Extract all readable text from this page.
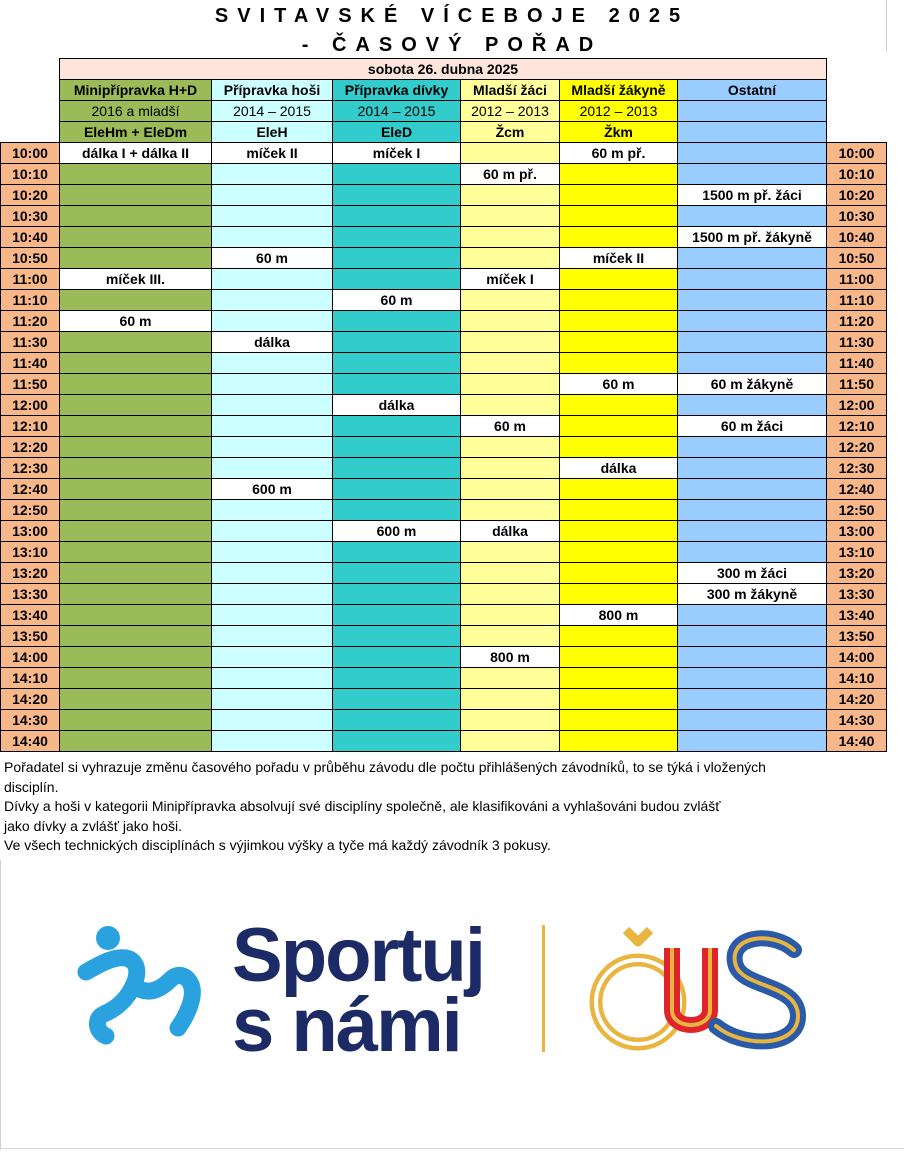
SVITAVSKÉ VÍCEBOJE 2025
- ČASOVÝ POŘAD
	sobota 26. dubna 2025						
	Minipřípravka H+D	Přípravka hoši	Přípravka dívky	Mladší žáci	Mladší žákyně	Ostatní	
	2016 a mladší	2014 – 2015	2014 – 2015	2012 – 2013	2012 – 2013		
	EleHm + EleDm	EleH	EleD	Žcm	Žkm		
10:00	dálka I + dálka II	míček II	míček I		60 m př.		10:00
10:10				60 m př.			10:10
10:20						1500 m př. žáci	10:20
10:30							10:30
10:40						1500 m př. žákyně	10:40
10:50		60 m			míček II		10:50
11:00	míček III.			míček I			11:00
11:10			60 m				11:10
11:20	60 m						11:20
11:30		dálka					11:30
11:40							11:40
11:50					60 m	60 m žákyně	11:50
12:00			dálka				12:00
12:10				60 m		60 m žáci	12:10
12:20							12:20
12:30					dálka		12:30
12:40		600 m					12:40
12:50							12:50
13:00			600 m	dálka			13:00
13:10							13:10
13:20						300 m žáci	13:20
13:30						300 m žákyně	13:30
13:40					800 m		13:40
13:50							13:50
14:00				800 m			14:00
14:10							14:10
14:20							14:20
14:30							14:30
14:40							14:40
Pořadatel si vyhrazuje změnu časového pořadu v průběhu závodu dle počtu přihlášených závodníků, to se týká i vložených
disciplín.
Dívky a hoši v kategorii Minipřípravka absolvují své disciplíny společně, ale klasifikováni a vyhlašováni budou zvlášť
jako dívky a zvlášť jako hoši.
Ve všech technických disciplínách s výjimkou výšky a tyče má každý závodník 3 pokusy.
Sportuj
s námi
